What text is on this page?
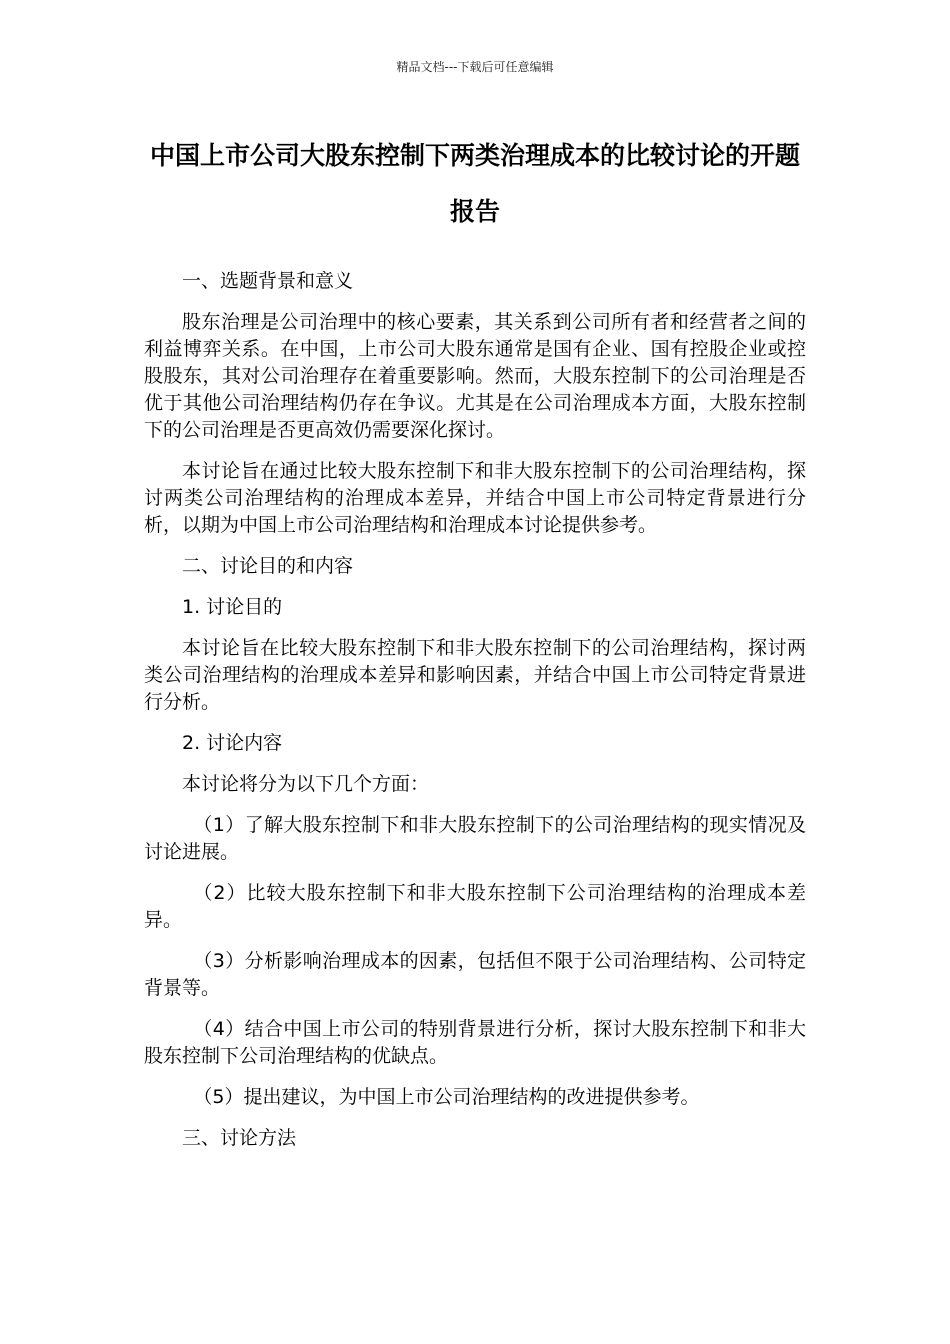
精品文档---下载后可任意编辑
中国上市公司大股东控制下两类治理成本的比较讨论的开题报告

一、选题背景和意义

股东治理是公司治理中的核心要素，其关系到公司所有者和经营者之间的利益博弈关系。在中国，上市公司大股东通常是国有企业、国有控股企业或控股股东，其对公司治理存在着重要影响。然而，大股东控制下的公司治理是否优于其他公司治理结构仍存在争议。尤其是在公司治理成本方面，大股东控制下的公司治理是否更高效仍需要深化探讨。

本讨论旨在通过比较大股东控制下和非大股东控制下的公司治理结构，探讨两类公司治理结构的治理成本差异，并结合中国上市公司特定背景进行分析，以期为中国上市公司治理结构和治理成本讨论提供参考。

二、讨论目的和内容

1. 讨论目的

本讨论旨在比较大股东控制下和非大股东控制下的公司治理结构，探讨两类公司治理结构的治理成本差异和影响因素，并结合中国上市公司特定背景进行分析。

2. 讨论内容

本讨论将分为以下几个方面：

（1）了解大股东控制下和非大股东控制下的公司治理结构的现实情况及讨论进展。

（2）比较大股东控制下和非大股东控制下公司治理结构的治理成本差异。

（3）分析影响治理成本的因素，包括但不限于公司治理结构、公司特定背景等。

（4）结合中国上市公司的特别背景进行分析，探讨大股东控制下和非大股东控制下公司治理结构的优缺点。

（5）提出建议，为中国上市公司治理结构的改进提供参考。

三、讨论方法
